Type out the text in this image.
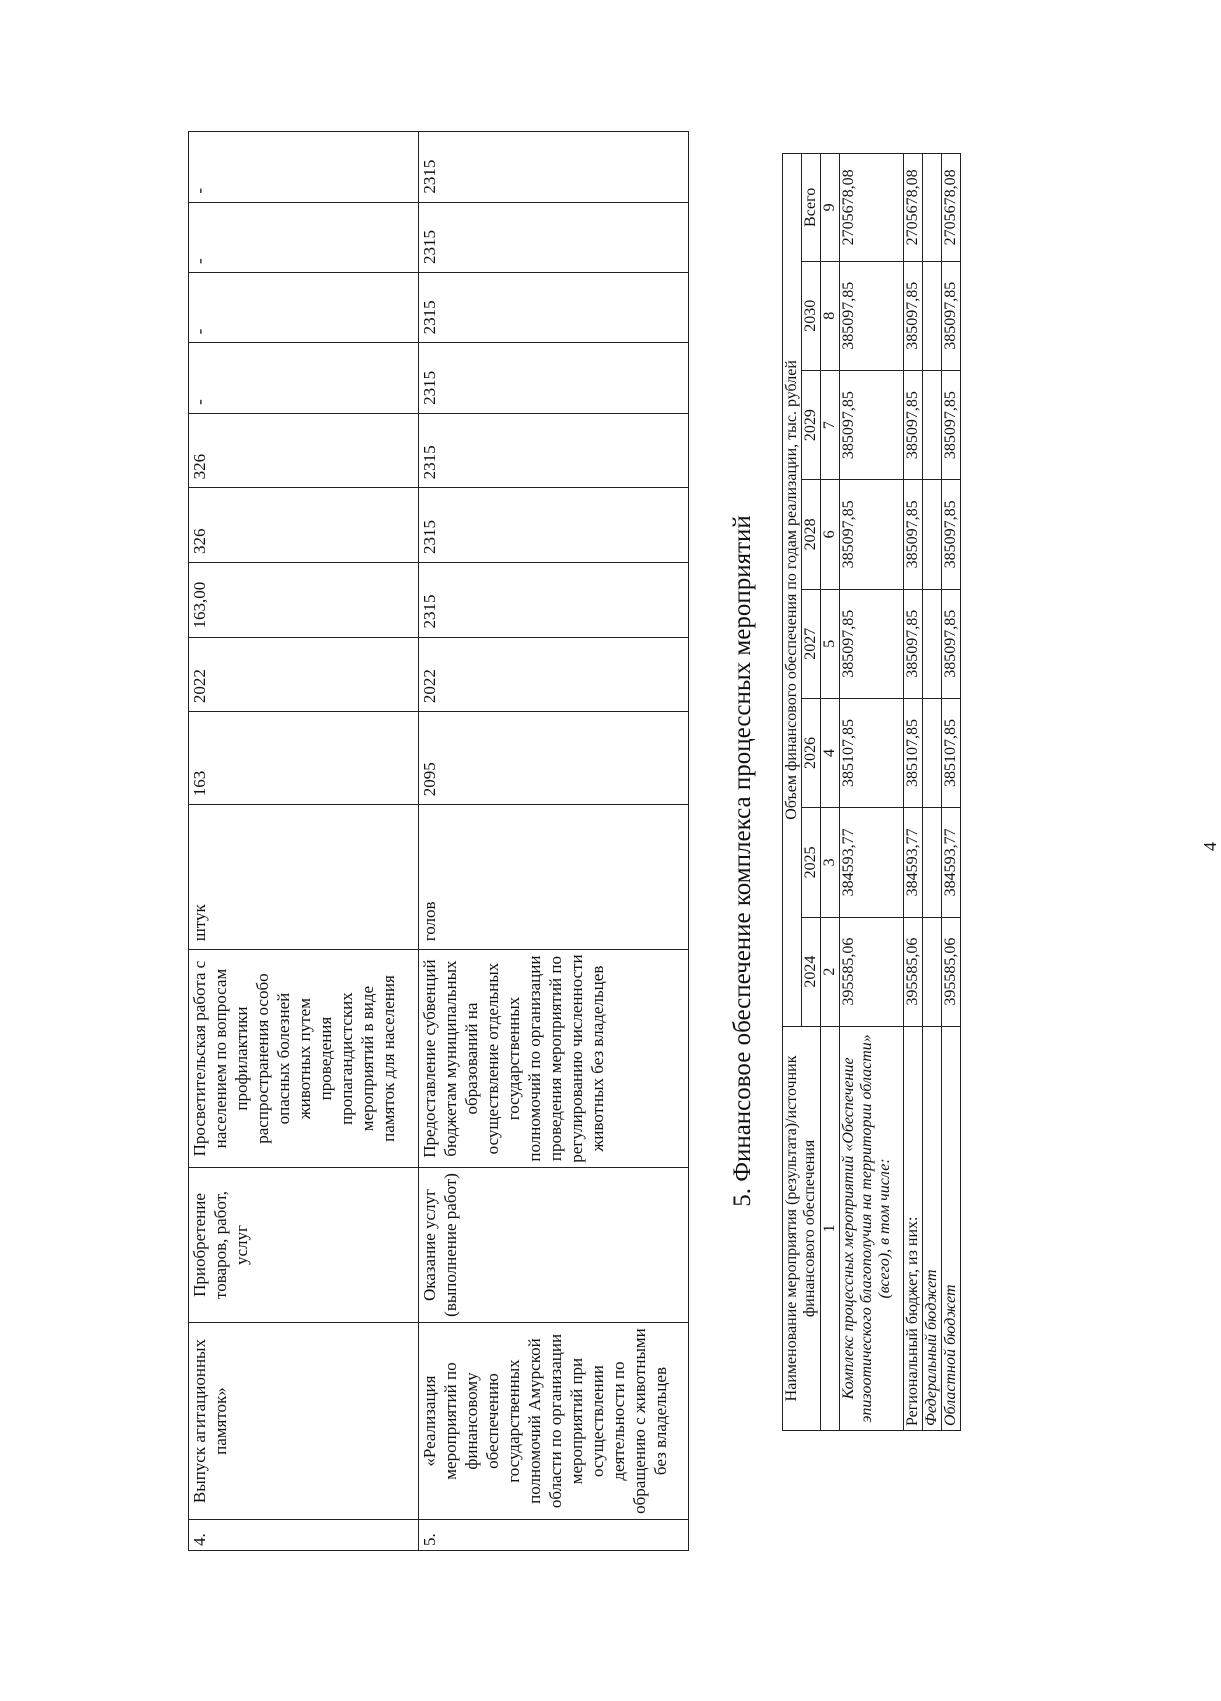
4.	Выпуск агитационных памяток»	Приобретение товаров, работ, услуг	Просветительская работа с населением по вопросам профилактики распространения особо опасных болезней животных путем проведения пропагандистских мероприятий в виде памяток для населения	штук	163	2022	163,00	326	326	-	-	-	-
5.	«Реализация мероприятий по финансовому обеспечению государственных полномочий Амурской области по организации мероприятий при осуществлении деятельности по обращению с животными без владельцев	Оказание услуг (выполнение работ)	Предоставление субвенций бюджетам муниципальных образований на осуществление отдельных государственных полномочий по организации проведения мероприятий по регулированию численности животных без владельцев	голов	2095	2022	2315	2315	2315	2315	2315	2315	2315
5. Финансовое обеспечение комплекса процессных мероприятий
Наименование мероприятия (результата)/источник финансового обеспечения	Объем финансового обеспечения по годам реализации, тыс. рублей							
	2024	2025	2026	2027	2028	2029	2030	Всего
1	2	3	4	5	6	7	8	9
Комплекс процессных мероприятий «Обеспечение эпизоотического благополучия на территории области» (всего), в том числе:	395585,06	384593,77	385107,85	385097,85	385097,85	385097,85	385097,85	2705678,08
Региональный бюджет, из них:	395585,06	384593,77	385107,85	385097,85	385097,85	385097,85	385097,85	2705678,08
Федеральный бюджет								
Областной бюджет	395585,06	384593,77	385107,85	385097,85	385097,85	385097,85	385097,85	2705678,08
4
